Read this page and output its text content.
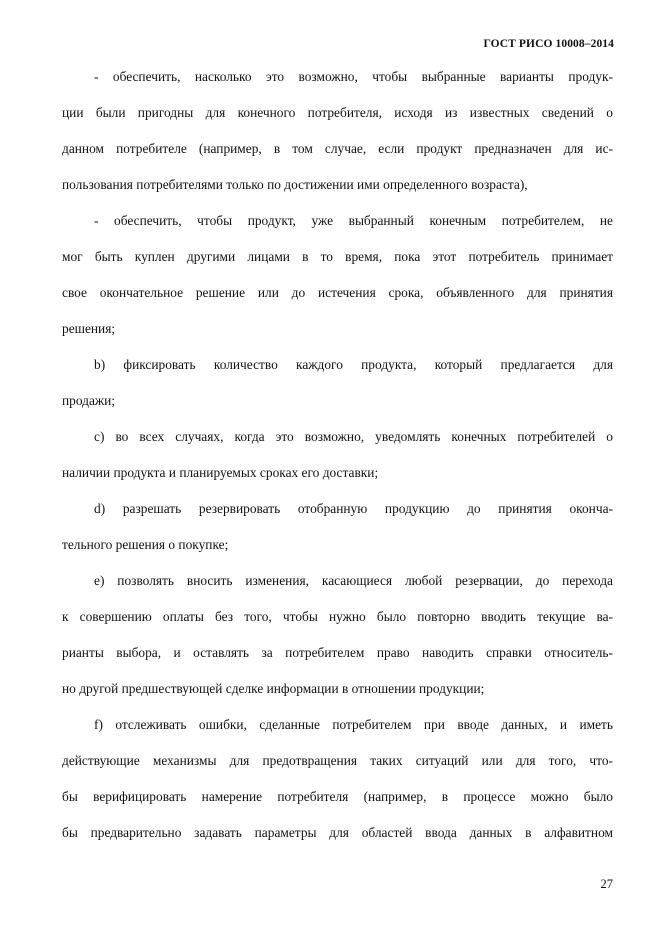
ГОСТ РИСО 10008–2014
- обеспечить, насколько это возможно, чтобы выбранные варианты продук-
ции были пригодны для конечного потребителя, исходя из известных сведений о
данном потребителе (например, в том случае, если продукт предназначен для ис-
пользования потребителями только по достижении ими определенного возраста),
- обеспечить, чтобы продукт, уже выбранный конечным потребителем, не
мог быть куплен другими лицами в то время, пока этот потребитель принимает
свое окончательное решение или до истечения срока, объявленного для принятия
решения;
b) фиксировать количество каждого продукта, который предлагается для
продажи;
c) во всех случаях, когда это возможно, уведомлять конечных потребителей о
наличии продукта и планируемых сроках его доставки;
d) разрешать резервировать отобранную продукцию до принятия оконча-
тельного решения о покупке;
e) позволять вносить изменения, касающиеся любой резервации, до перехода
к совершению оплаты без того, чтобы нужно было повторно вводить текущие ва-
рианты выбора, и оставлять за потребителем право наводить справки относитель-
но другой предшествующей сделке информации в отношении продукции;
f) отслеживать ошибки, сделанные потребителем при вводе данных, и иметь
действующие механизмы для предотвращения таких ситуаций или для того, что-
бы верифицировать намерение потребителя (например, в процессе можно было
бы предварительно задавать параметры для областей ввода данных в алфавитном
27
